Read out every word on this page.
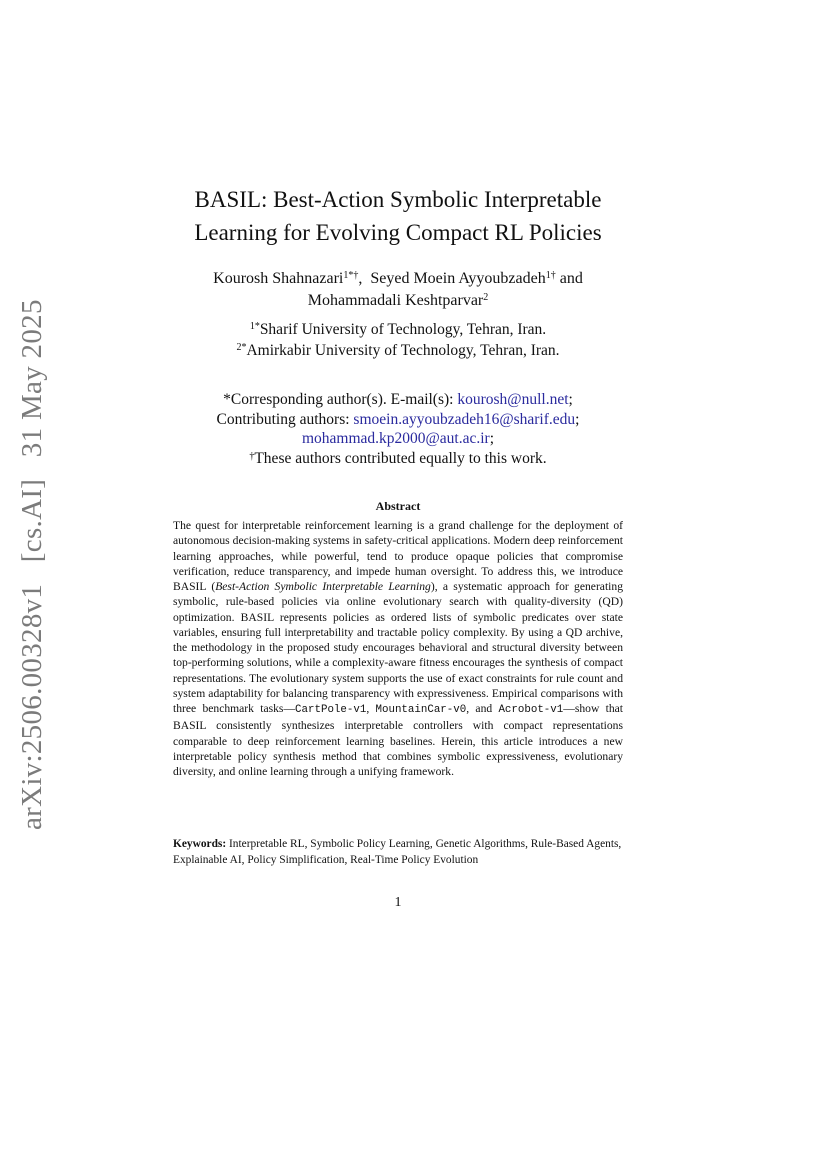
arXiv:2506.00328v1 [cs.AI] 31 May 2025
BASIL: Best-Action Symbolic Interpretable
Learning for Evolving Compact RL Policies
Kourosh Shahnazari$^{1*\dagger}$,  Seyed Moein Ayyoubzadeh$^{1\dagger}$ and
Mohammadali Keshtparvar$^2$
$^{1*}$Sharif University of Technology, Tehran, Iran.
$^{2*}$Amirkabir University of Technology, Tehran, Iran.
*Corresponding author(s). E-mail(s): kourosh@null.net;
Contributing authors: smoein.ayyoubzadeh16@sharif.edu;
mohammad.kp2000@aut.ac.ir;
†These authors contributed equally to this work.
Abstract
The quest for interpretable reinforcement learning is a grand challenge for the deployment of autonomous decision-making systems in safety-critical applications. Modern deep reinforcement learning approaches, while powerful, tend to produce opaque policies that compromise verification, reduce transparency, and impede human oversight. To address this, we introduce BASIL (Best-Action Symbolic Interpretable Learning), a systematic approach for generating symbolic, rule-based policies via online evolutionary search with quality-diversity (QD) optimization. BASIL represents policies as ordered lists of symbolic predicates over state variables, ensuring full interpretability and tractable policy complexity. By using a QD archive, the methodology in the proposed study encourages behavioral and structural diversity between top-performing solutions, while a complexity-aware fitness encourages the synthesis of compact representations. The evolutionary system supports the use of exact constraints for rule count and system adaptability for balancing transparency with expressiveness. Empirical comparisons with three benchmark tasks—CartPole-v1, MountainCar-v0, and Acrobot-v1—show that BASIL consistently synthesizes interpretable controllers with compact representations comparable to deep reinforcement learning baselines. Herein, this article introduces a new interpretable policy synthesis method that combines symbolic expressiveness, evolutionary diversity, and online learning through a unifying framework.
Keywords: Interpretable RL, Symbolic Policy Learning, Genetic Algorithms, Rule-Based Agents, Explainable AI, Policy Simplification, Real-Time Policy Evolution
1
